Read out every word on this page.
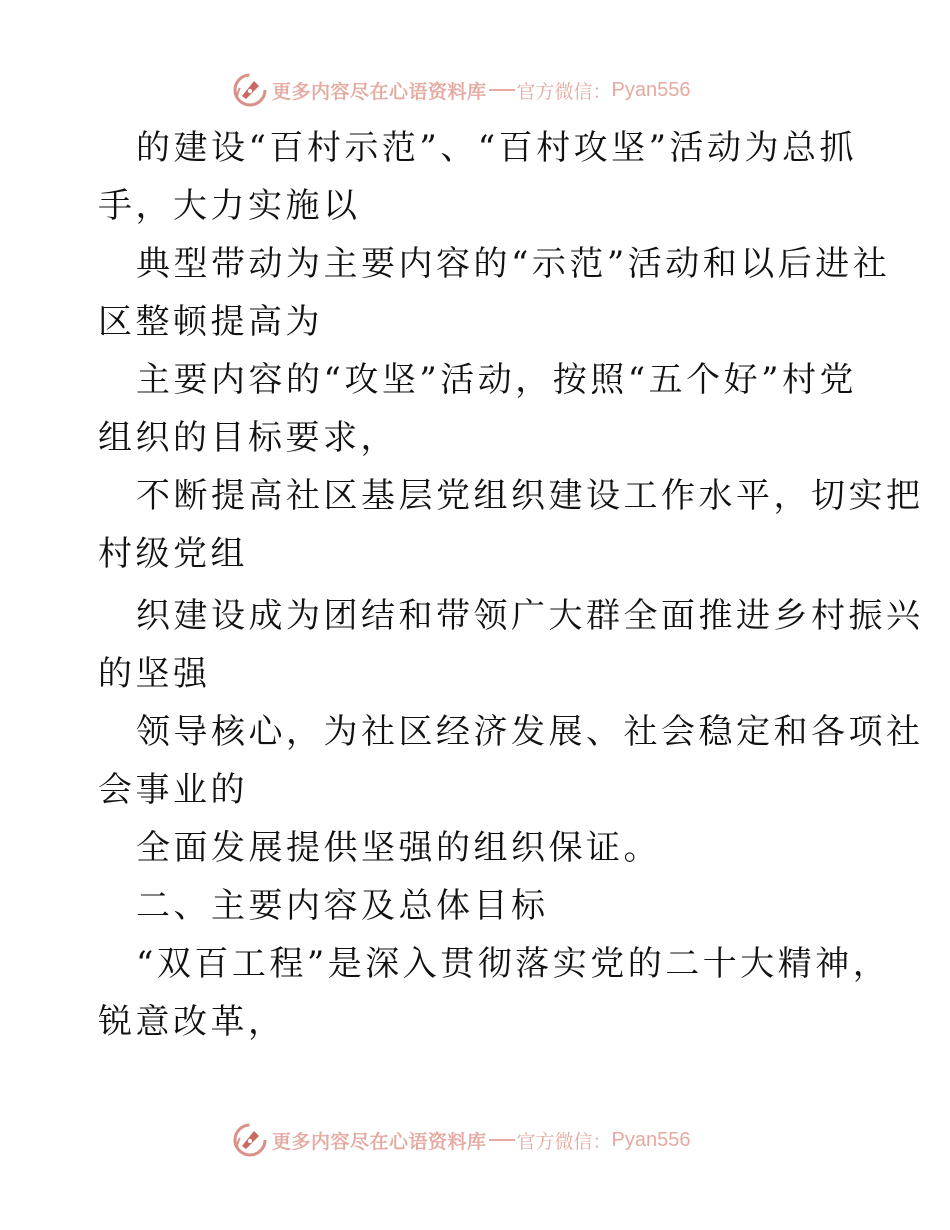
更多内容尽在心语资料库 官方微信： Pyan556
的建设“百村示范”、“百村攻坚”活动为总抓
手，大力实施以
典型带动为主要内容的“示范”活动和以后进社
区整顿提高为
主要内容的“攻坚”活动，按照“五个好”村党
组织的目标要求，
不断提高社区基层党组织建设工作水平，切实把
村级党组
织建设成为团结和带领广大群全面推进乡村振兴
的坚强
领导核心，为社区经济发展、社会稳定和各项社
会事业的
全面发展提供坚强的组织保证。
二、主要内容及总体目标
“双百工程”是深入贯彻落实党的二十大精神，
锐意改革，
更多内容尽在心语资料库 官方微信： Pyan556
